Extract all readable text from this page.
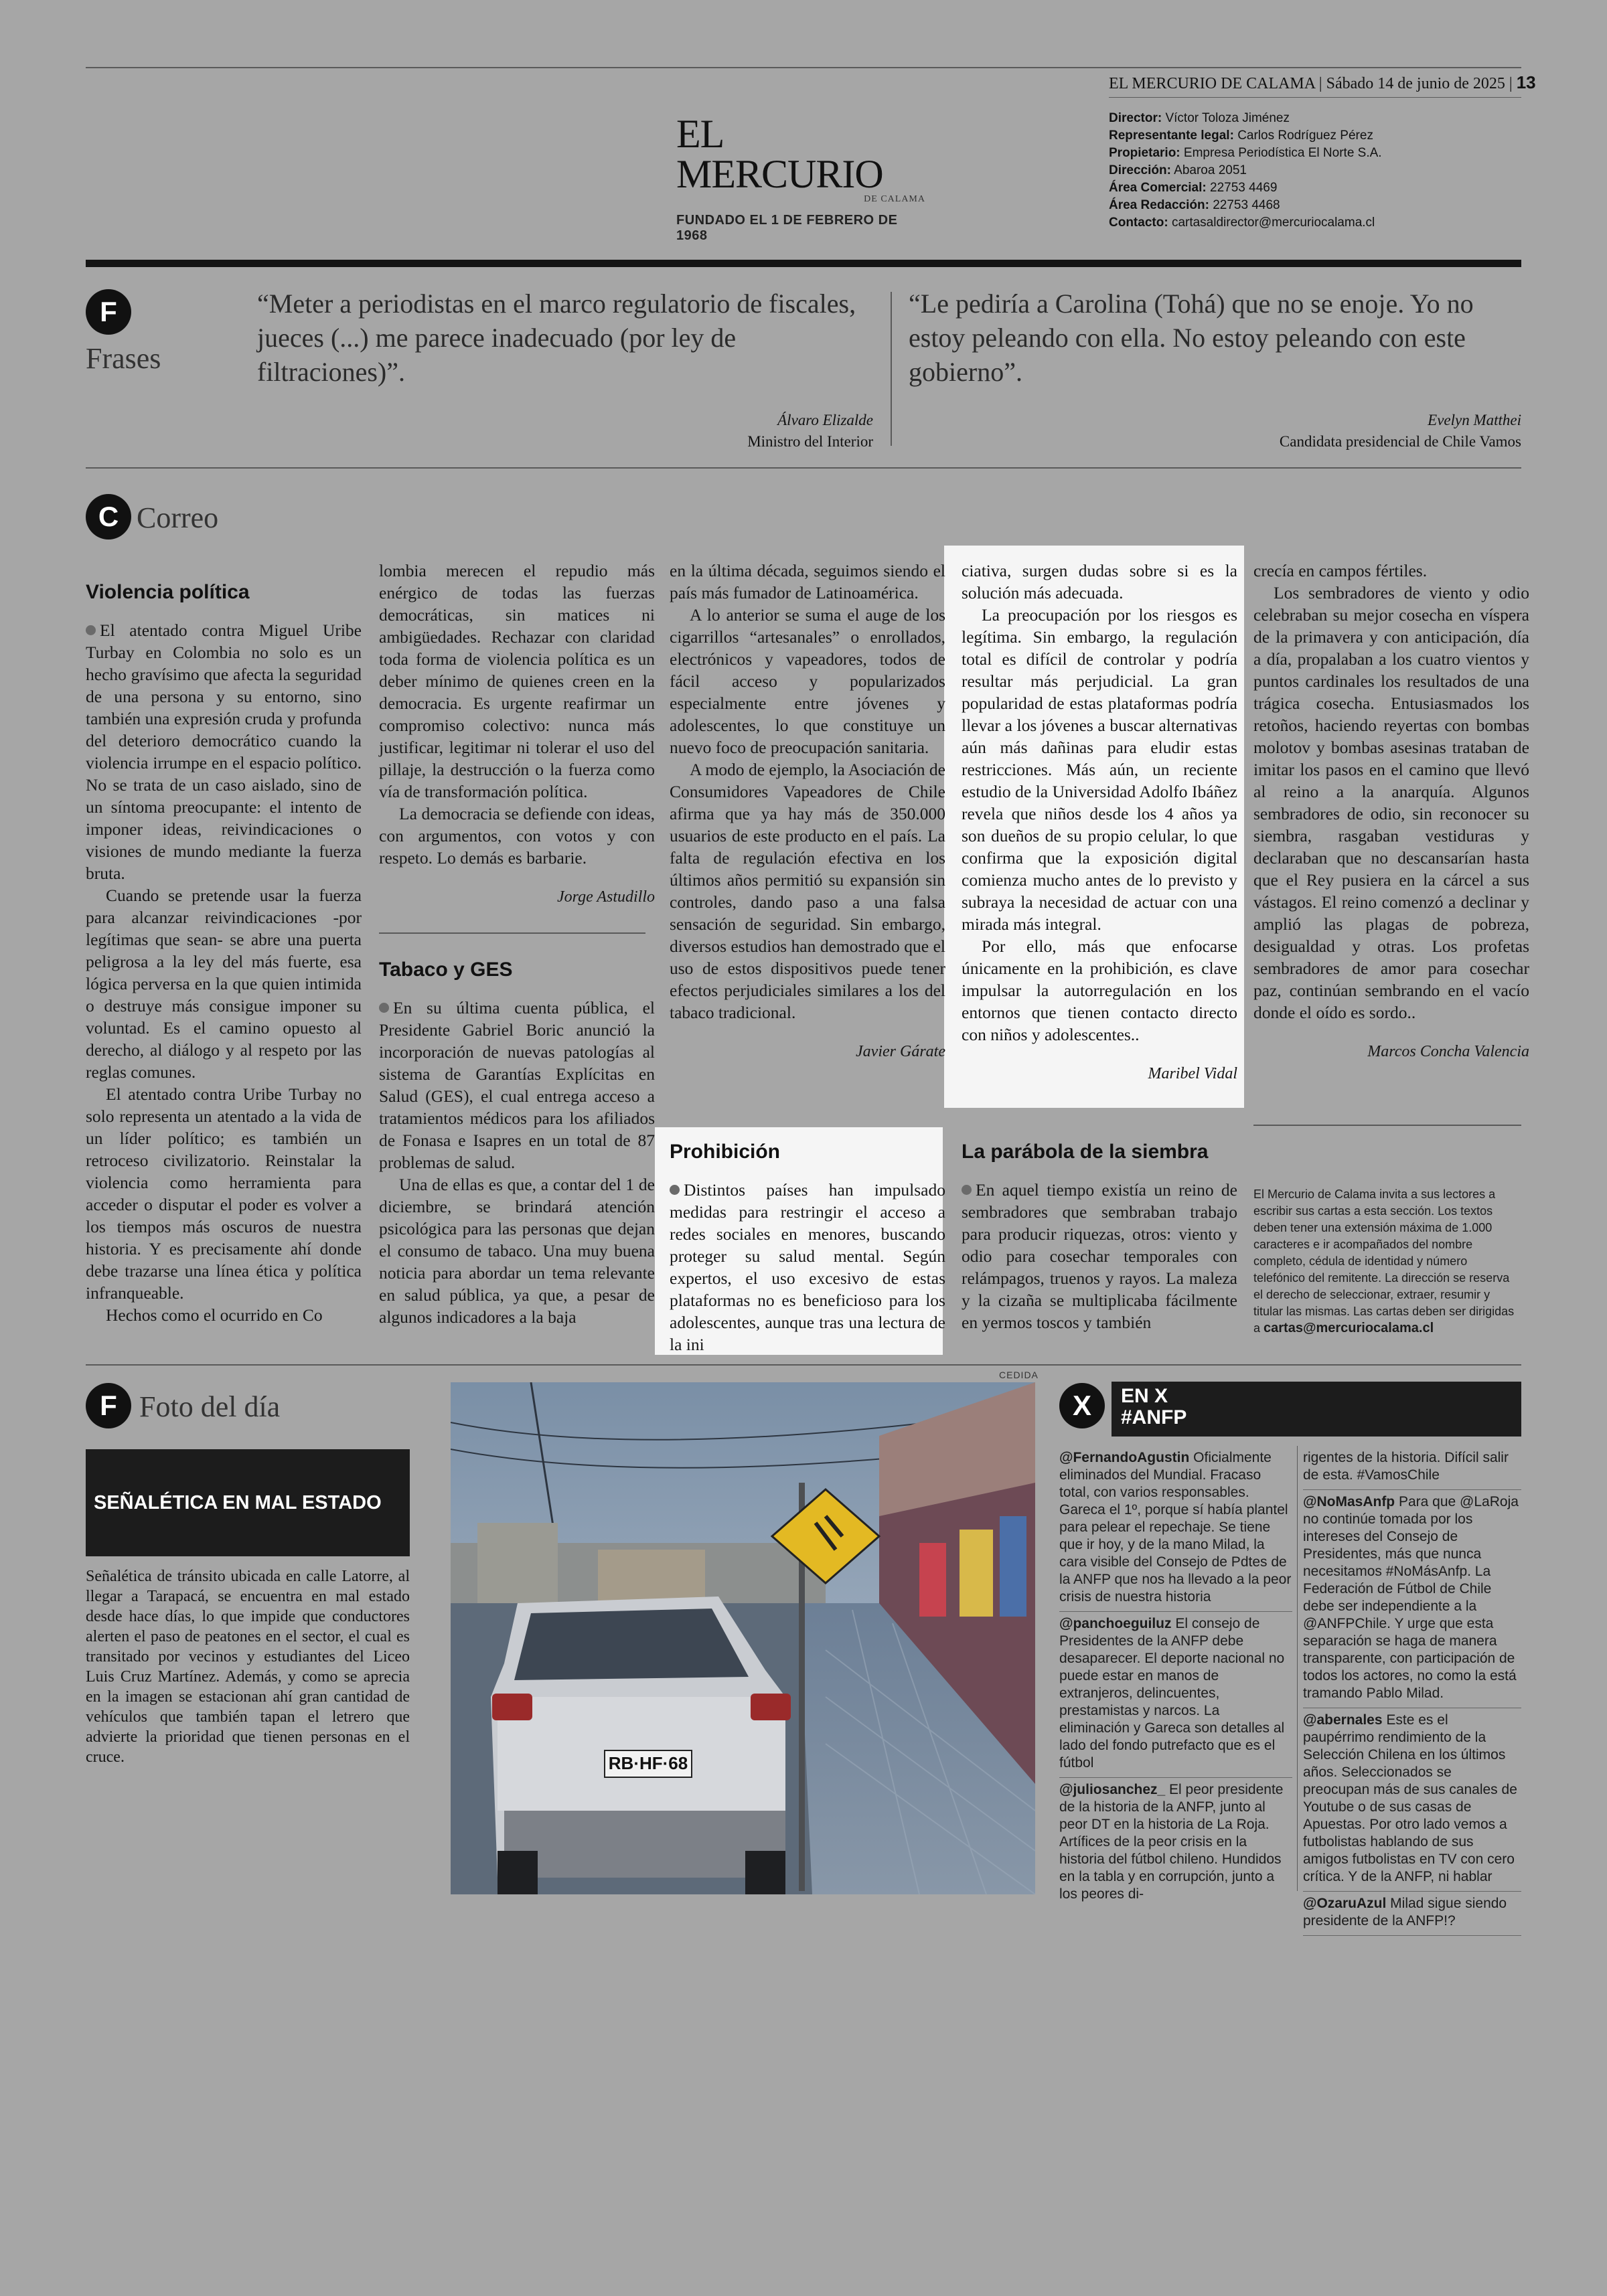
EL MERCURIO
DE CALAMA
FUNDADO EL 1 DE FEBRERO DE 1968
EL MERCURIO DE CALAMA | Sábado 14 de junio de 2025 | 13
Director: Víctor Toloza Jiménez
Representante legal: Carlos Rodríguez Pérez
Propietario: Empresa Periodística El Norte S.A.
Dirección: Abaroa 2051
Área Comercial: 22753 4469
Área Redacción: 22753 4468
Contacto: cartasaldirector@mercuriocalama.cl
F
Frases
“Meter a periodistas en el marco regulatorio de fiscales, jueces (...) me parece inadecuado (por ley de filtraciones)”.
Álvaro Elizalde
Ministro del Interior
“Le pediría a Carolina (Tohá) que no se enoje. Yo no estoy peleando con ella. No estoy peleando con este gobierno”.
Evelyn Matthei
Candidata presidencial de Chile Vamos
C Correo
Violencia política

El atentado contra Miguel Uribe Turbay en Colombia no solo es un hecho gravísimo que afecta la seguridad de una persona y su entorno, sino también una expresión cruda y profunda del deterioro democrático cuando la violencia irrumpe en el espacio político. No se trata de un caso aislado, sino de un síntoma preocupante: el intento de imponer ideas, reivindicaciones o visiones de mundo mediante la fuerza bruta.

Cuando se pretende usar la fuerza para alcanzar reivindicaciones -por legítimas que sean- se abre una puerta peligrosa a la ley del más fuerte, esa lógica perversa en la que quien intimida o destruye más consigue imponer su voluntad. Es el camino opuesto al derecho, al diálogo y al respeto por las reglas comunes.

El atentado contra Uribe Turbay no solo representa un atentado a la vida de un líder político; es también un retroceso civilizatorio. Reinstalar la violencia como herramienta para acceder o disputar el poder es volver a los tiempos más oscuros de nuestra historia. Y es precisamente ahí donde debe trazarse una línea ética y política infranqueable.

Hechos como el ocurrido en Co

lombia merecen el repudio más enérgico de todas las fuerzas democráticas, sin matices ni ambigüedades. Rechazar con claridad toda forma de violencia política es un deber mínimo de quienes creen en la democracia. Es urgente reafirmar un compromiso colectivo: nunca más justificar, legitimar ni tolerar el uso del pillaje, la destrucción o la fuerza como vía de transformación política.

La democracia se defiende con ideas, con argumentos, con votos y con respeto. Lo demás es barbarie.

Jorge Astudillo
Tabaco y GES

En su última cuenta pública, el Presidente Gabriel Boric anunció la incorporación de nuevas patologías al sistema de Garantías Explícitas en Salud (GES), el cual entrega acceso a tratamientos médicos para los afiliados de Fonasa e Isapres en un total de 87 problemas de salud.

Una de ellas es que, a contar del 1 de diciembre, se brindará atención psicológica para las personas que dejan el consumo de tabaco. Una muy buena noticia para abordar un tema relevante en salud pública, ya que, a pesar de algunos indicadores a la baja

en la última década, seguimos siendo el país más fumador de Latinoamérica.

A lo anterior se suma el auge de los cigarrillos “artesanales” o enrollados, electrónicos y vapeadores, todos de fácil acceso y popularizados especialmente entre jóvenes y adolescentes, lo que constituye un nuevo foco de preocupación sanitaria.

A modo de ejemplo, la Asociación de Consumidores Vapeadores de Chile afirma que ya hay más de 350.000 usuarios de este producto en el país. La falta de regulación efectiva en los últimos años permitió su expansión sin controles, dando paso a una falsa sensación de seguridad. Sin embargo, diversos estudios han demostrado que el uso de estos dispositivos puede tener efectos perjudiciales similares a los del tabaco tradicional.

Javier Gárate
Prohibición

Distintos países han impulsado medidas para restringir el acceso a redes sociales en menores, buscando proteger su salud mental. Según expertos, el uso excesivo de estas plataformas no es beneficioso para los adolescentes, aunque tras una lectura de la ini

ciativa, surgen dudas sobre si es la solución más adecuada.

La preocupación por los riesgos es legítima. Sin embargo, la regulación total es difícil de controlar y podría resultar más perjudicial. La gran popularidad de estas plataformas podría llevar a los jóvenes a buscar alternativas aún más dañinas para eludir estas restricciones. Más aún, un reciente estudio de la Universidad Adolfo Ibáñez revela que niños desde los 4 años ya son dueños de su propio celular, lo que confirma que la exposición digital comienza mucho antes de lo previsto y subraya la necesidad de actuar con una mirada más integral.

Por ello, más que enfocarse únicamente en la prohibición, es clave impulsar la autorregulación en los entornos que tienen contacto directo con niños y adolescentes..

Maribel Vidal
La parábola de la siembra

En aquel tiempo existía un reino de sembradores que sembraban trabajo para producir riquezas, otros: viento y odio para cosechar temporales con relámpagos, truenos y rayos. La maleza y la cizaña se multiplicaba fácilmente en yermos toscos y también

crecía en campos fértiles.

Los sembradores de viento y odio celebraban su mejor cosecha en víspera de la primavera y con anticipación, día a día, propalaban a los cuatro vientos y puntos cardinales los resultados de una trágica cosecha. Entusiasmados los retoños, haciendo reyertas con bombas molotov y bombas asesinas trataban de imitar los pasos en el camino que llevó al reino a la anarquía. Algunos sembradores de odio, sin reconocer su siembra, rasgaban vestiduras y declaraban que no descansarían hasta que el Rey pusiera en la cárcel a sus vástagos. El reino comenzó a declinar y amplió las plagas de pobreza, desigualdad y otras. Los profetas sembradores de amor para cosechar paz, continúan sembrando en el vacío donde el oído es sordo..

Marcos Concha Valencia
El Mercurio de Calama invita a sus lectores a escribir sus cartas a esta sección. Los textos deben tener una extensión máxima de 1.000 caracteres e ir acompañados del nombre completo, cédula de identidad y número telefónico del remitente. La dirección se reserva el derecho de seleccionar, extraer, resumir y titular las mismas. Las cartas deben ser dirigidas a cartas@mercuriocalama.cl
F Foto del día
SEÑALÉTICA EN MAL ESTADO
Señalética de tránsito ubicada en calle Latorre, al llegar a Tarapacá, se encuentra en mal estado desde hace días, lo que impide que conductores alerten el paso de peatones en el sector, el cual es transitado por vecinos y estudiantes del Liceo Luis Cruz Martínez. Además, y como se aprecia en la imagen se estacionan ahí gran cantidad de vehículos que también tapan el letrero que advierte la prioridad que tienen personas en el cruce.
CEDIDA
RB·HF·68
X	EN X
#ANFP
@FernandoAgustin Oficialmente eliminados del Mundial. Fracaso total, con varios responsables. Gareca el 1º, porque sí había plantel para pelear el repechaje. Se tiene que ir hoy, y de la mano Milad, la cara visible del Consejo de Pdtes de la ANFP que nos ha llevado a la peor crisis de nuestra historia
@panchoeguiluz El consejo de Presidentes de la ANFP debe desaparecer. El deporte nacional no puede estar en manos de extranjeros, delincuentes, prestamistas y narcos. La eliminación y Gareca son detalles al lado del fondo putrefacto que es el fútbol
@juliosanchez_ El peor presidente de la historia de la ANFP, junto al peor DT en la historia de La Roja. Artífices de la peor crisis en la historia del fútbol chileno. Hundidos en la tabla y en corrupción, junto a los peores di-
rigentes de la historia. Difícil salir de esta. #VamosChile
@NoMasAnfp Para que @LaRoja no continúe tomada por los intereses del Consejo de Presidentes, más que nunca necesitamos #NoMásAnfp. La Federación de Fútbol de Chile debe ser independiente a la @ANFPChile. Y urge que esta separación se haga de manera transparente, con participación de todos los actores, no como la está tramando Pablo Milad.
@abernales Este es el paupérrimo rendimiento de la Selección Chilena en los últimos años. Seleccionados se preocupan más de sus canales de Youtube o de sus casas de Apuestas. Por otro lado vemos a futbolistas hablando de sus amigos futbolistas en TV con cero crítica. Y de la ANFP, ni hablar
@OzaruAzul Milad sigue siendo presidente de la ANFP!?
